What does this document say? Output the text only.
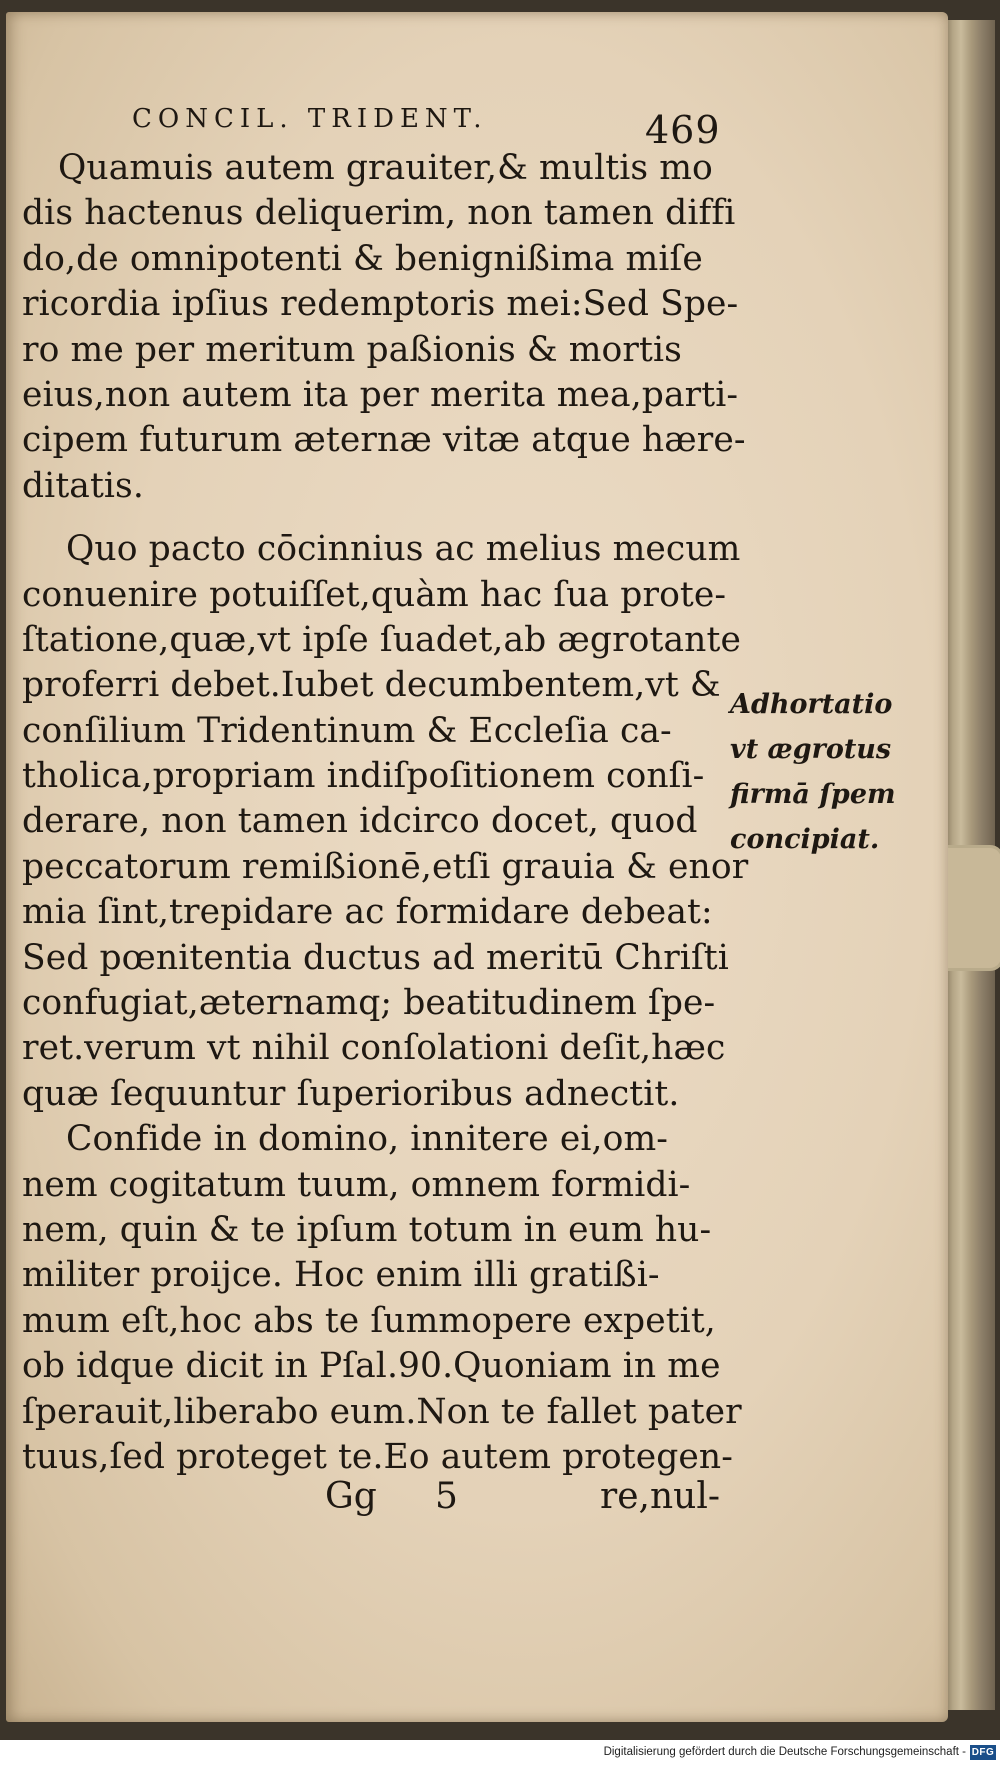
CONCIL. TRIDENT.	469
Quamuis autem grauiter,& multis mo
dis hactenus deliquerim, non tamen diffi
do,de omnipotenti & benignißima miſe
ricordia ipſius redemptoris mei:Sed Spe-
ro me per meritum paßionis & mortis
eius,non autem ita per merita mea,parti-
cipem futurum æternæ vitæ atque hære-
ditatis.
Quo pacto cōcinnius ac melius mecum
conuenire potuiſſet,quàm hac ſua prote-
ſtatione,quæ,vt ipſe ſuadet,ab ægrotante
proferri debet.Iubet decumbentem,vt &
conſilium Tridentinum & Eccleſia ca-
tholica,propriam indiſpoſitionem conſi-
derare, non tamen idcirco docet, quod
peccatorum remißionē,etſi grauia & enor
mia ſint,trepidare ac formidare debeat:
Sed pœnitentia ductus ad meritū Chriſti
confugiat,æternamq; beatitudinem ſpe-
ret.verum vt nihil conſolationi deſit,hæc
quæ ſequuntur ſuperioribus adnectit.
Confide in domino, innitere ei,om-
nem cogitatum tuum, omnem formidi-
nem, quin & te ipſum totum in eum hu-
militer proijce. Hoc enim illi gratißi-
mum eſt,hoc abs te ſummopere expetit,
ob idque dicit in Pſal.90.Quoniam in me
ſperauit,liberabo eum.Non te fallet pater
tuus,ſed proteget te.Eo autem protegen-
Gg 5	re,nul-
Adhortatio
vt ægrotus
firmā ſpem
concipiat.
Digitalisierung gefördert durch die Deutsche Forschungsgemeinschaft - DFG
